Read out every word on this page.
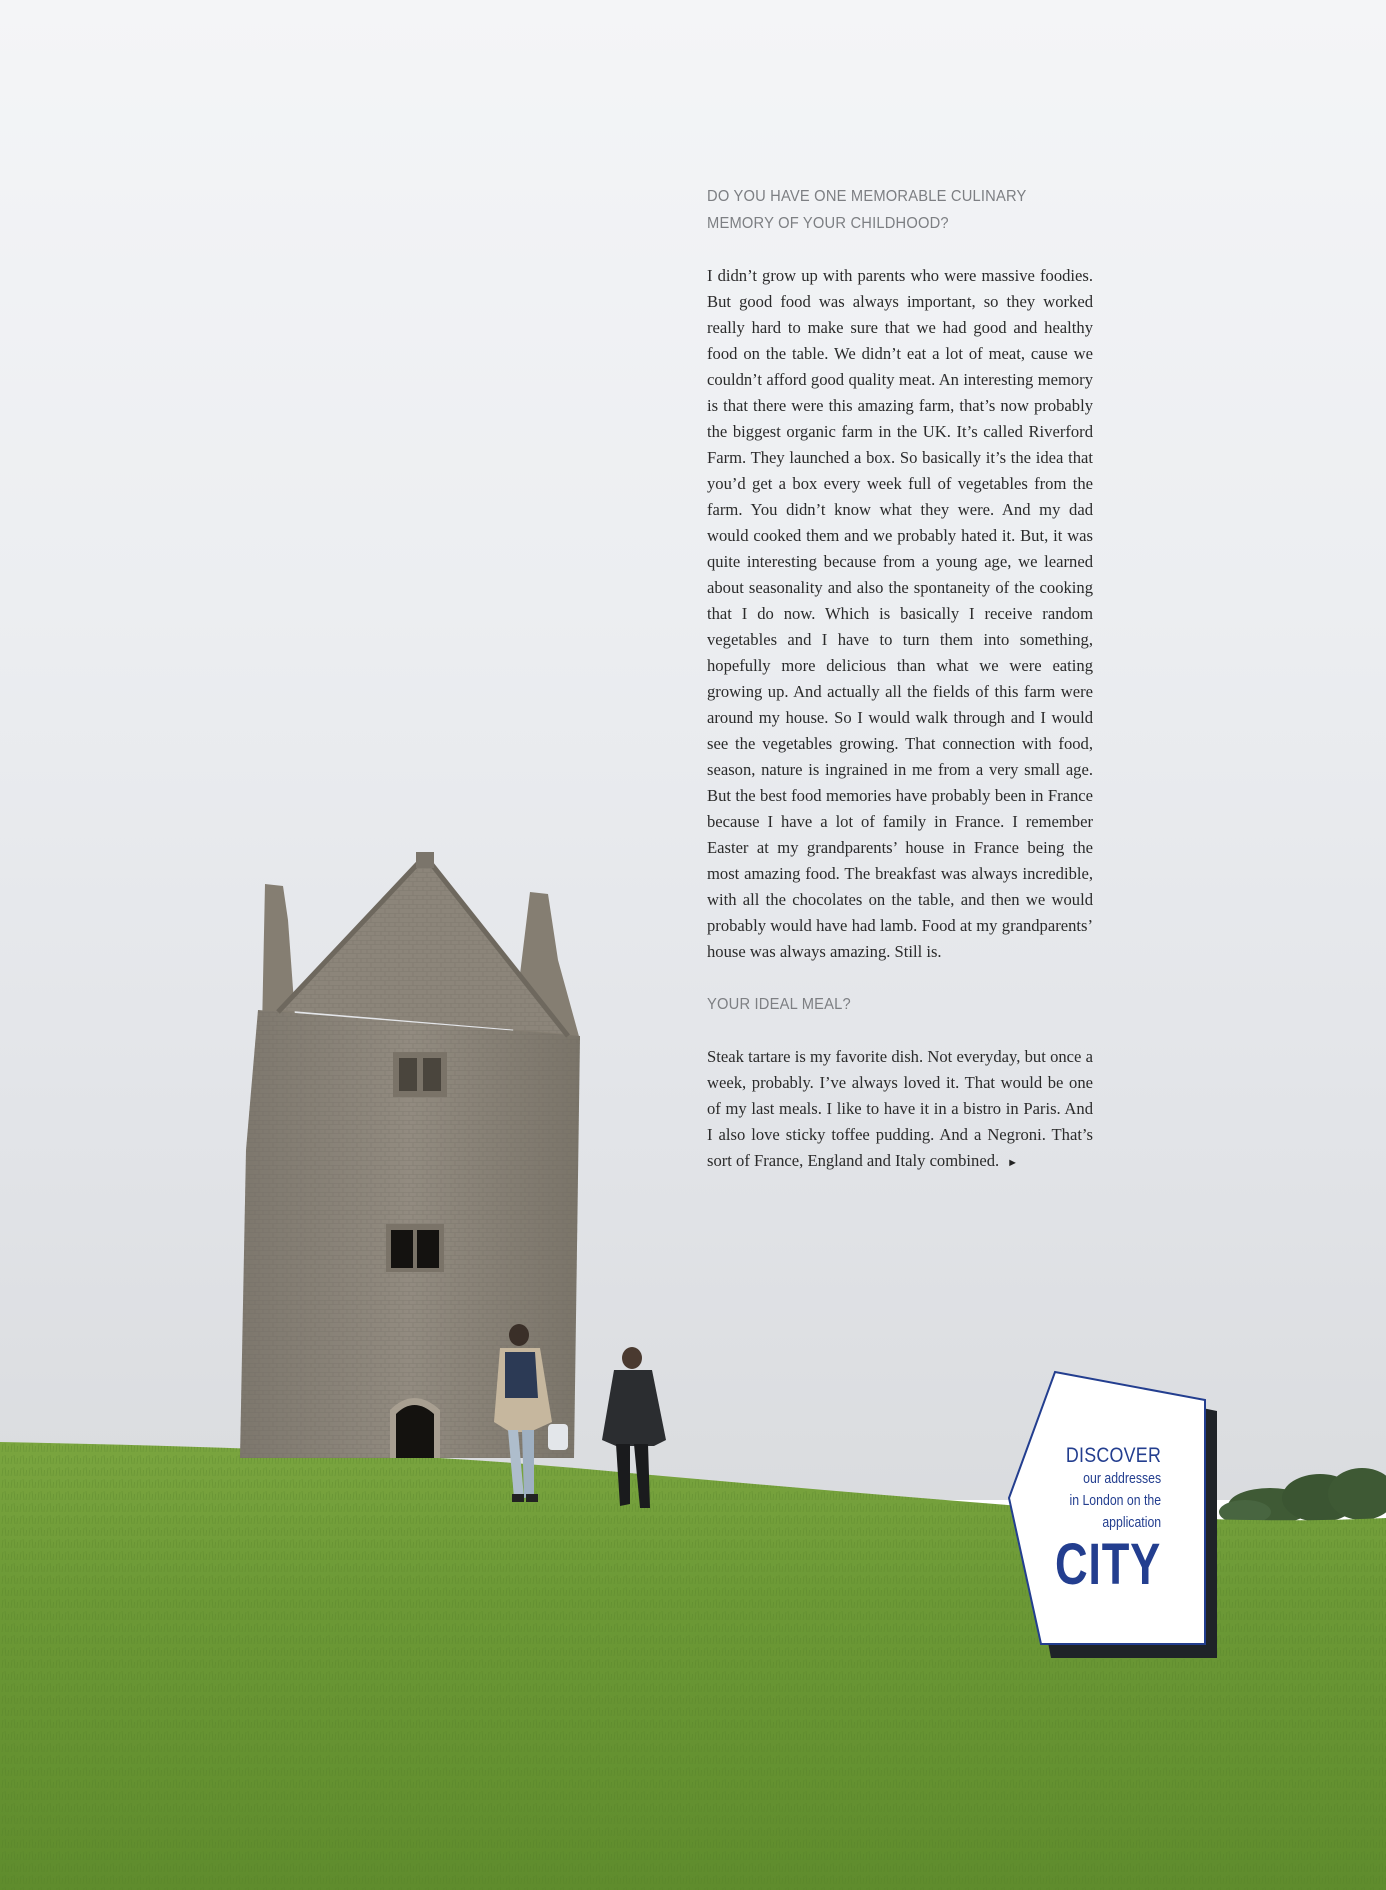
DO YOU HAVE ONE MEMORABLE CULINARY MEMORY OF YOUR CHILDHOOD?

I didn’t grow up with parents who were massive foodies. But good food was always important, so they worked really hard to make sure that we had good and healthy food on the table. We didn’t eat a lot of meat, cause we couldn’t afford good quality meat. An interesting memory is that there were this amazing farm, that’s now probably the biggest organic farm in the UK. It’s called Riverford Farm. They launched a box. So basically it’s the idea that you’d get a box every week full of vegetables from the farm. You didn’t know what they were. And my dad would cooked them and we probably hated it. But, it was quite interesting because from a young age, we learned about seasonality and also the spontaneity of the cooking that I do now. Which is basically I receive random vegetables and I have to turn them into something, hopefully more delicious than what we were eating growing up. And actually all the fields of this farm were around my house. So I would walk through and I would see the vegetables growing. That connection with food, season, nature is ingrained in me from a very small age. But the best food memories have probably been in France because I have a lot of family in France. I remember Easter at my grandparents’ house in France being the most amazing food. The breakfast was always incredible, with all the chocolates on the table, and then we would probably would have had lamb. Food at my grandparents’ house was always amazing. Still is.

YOUR IDEAL MEAL?

Steak tartare is my favorite dish. Not everyday, but once a week, probably. I’ve always loved it. That would be one of my last meals. I like to have it in a bistro in Paris. And I also love sticky toffee pudding. And a Negroni. That’s sort of France, England and Italy combined. ►

DISCOVER
our addresses
in London on the
application
CITY
